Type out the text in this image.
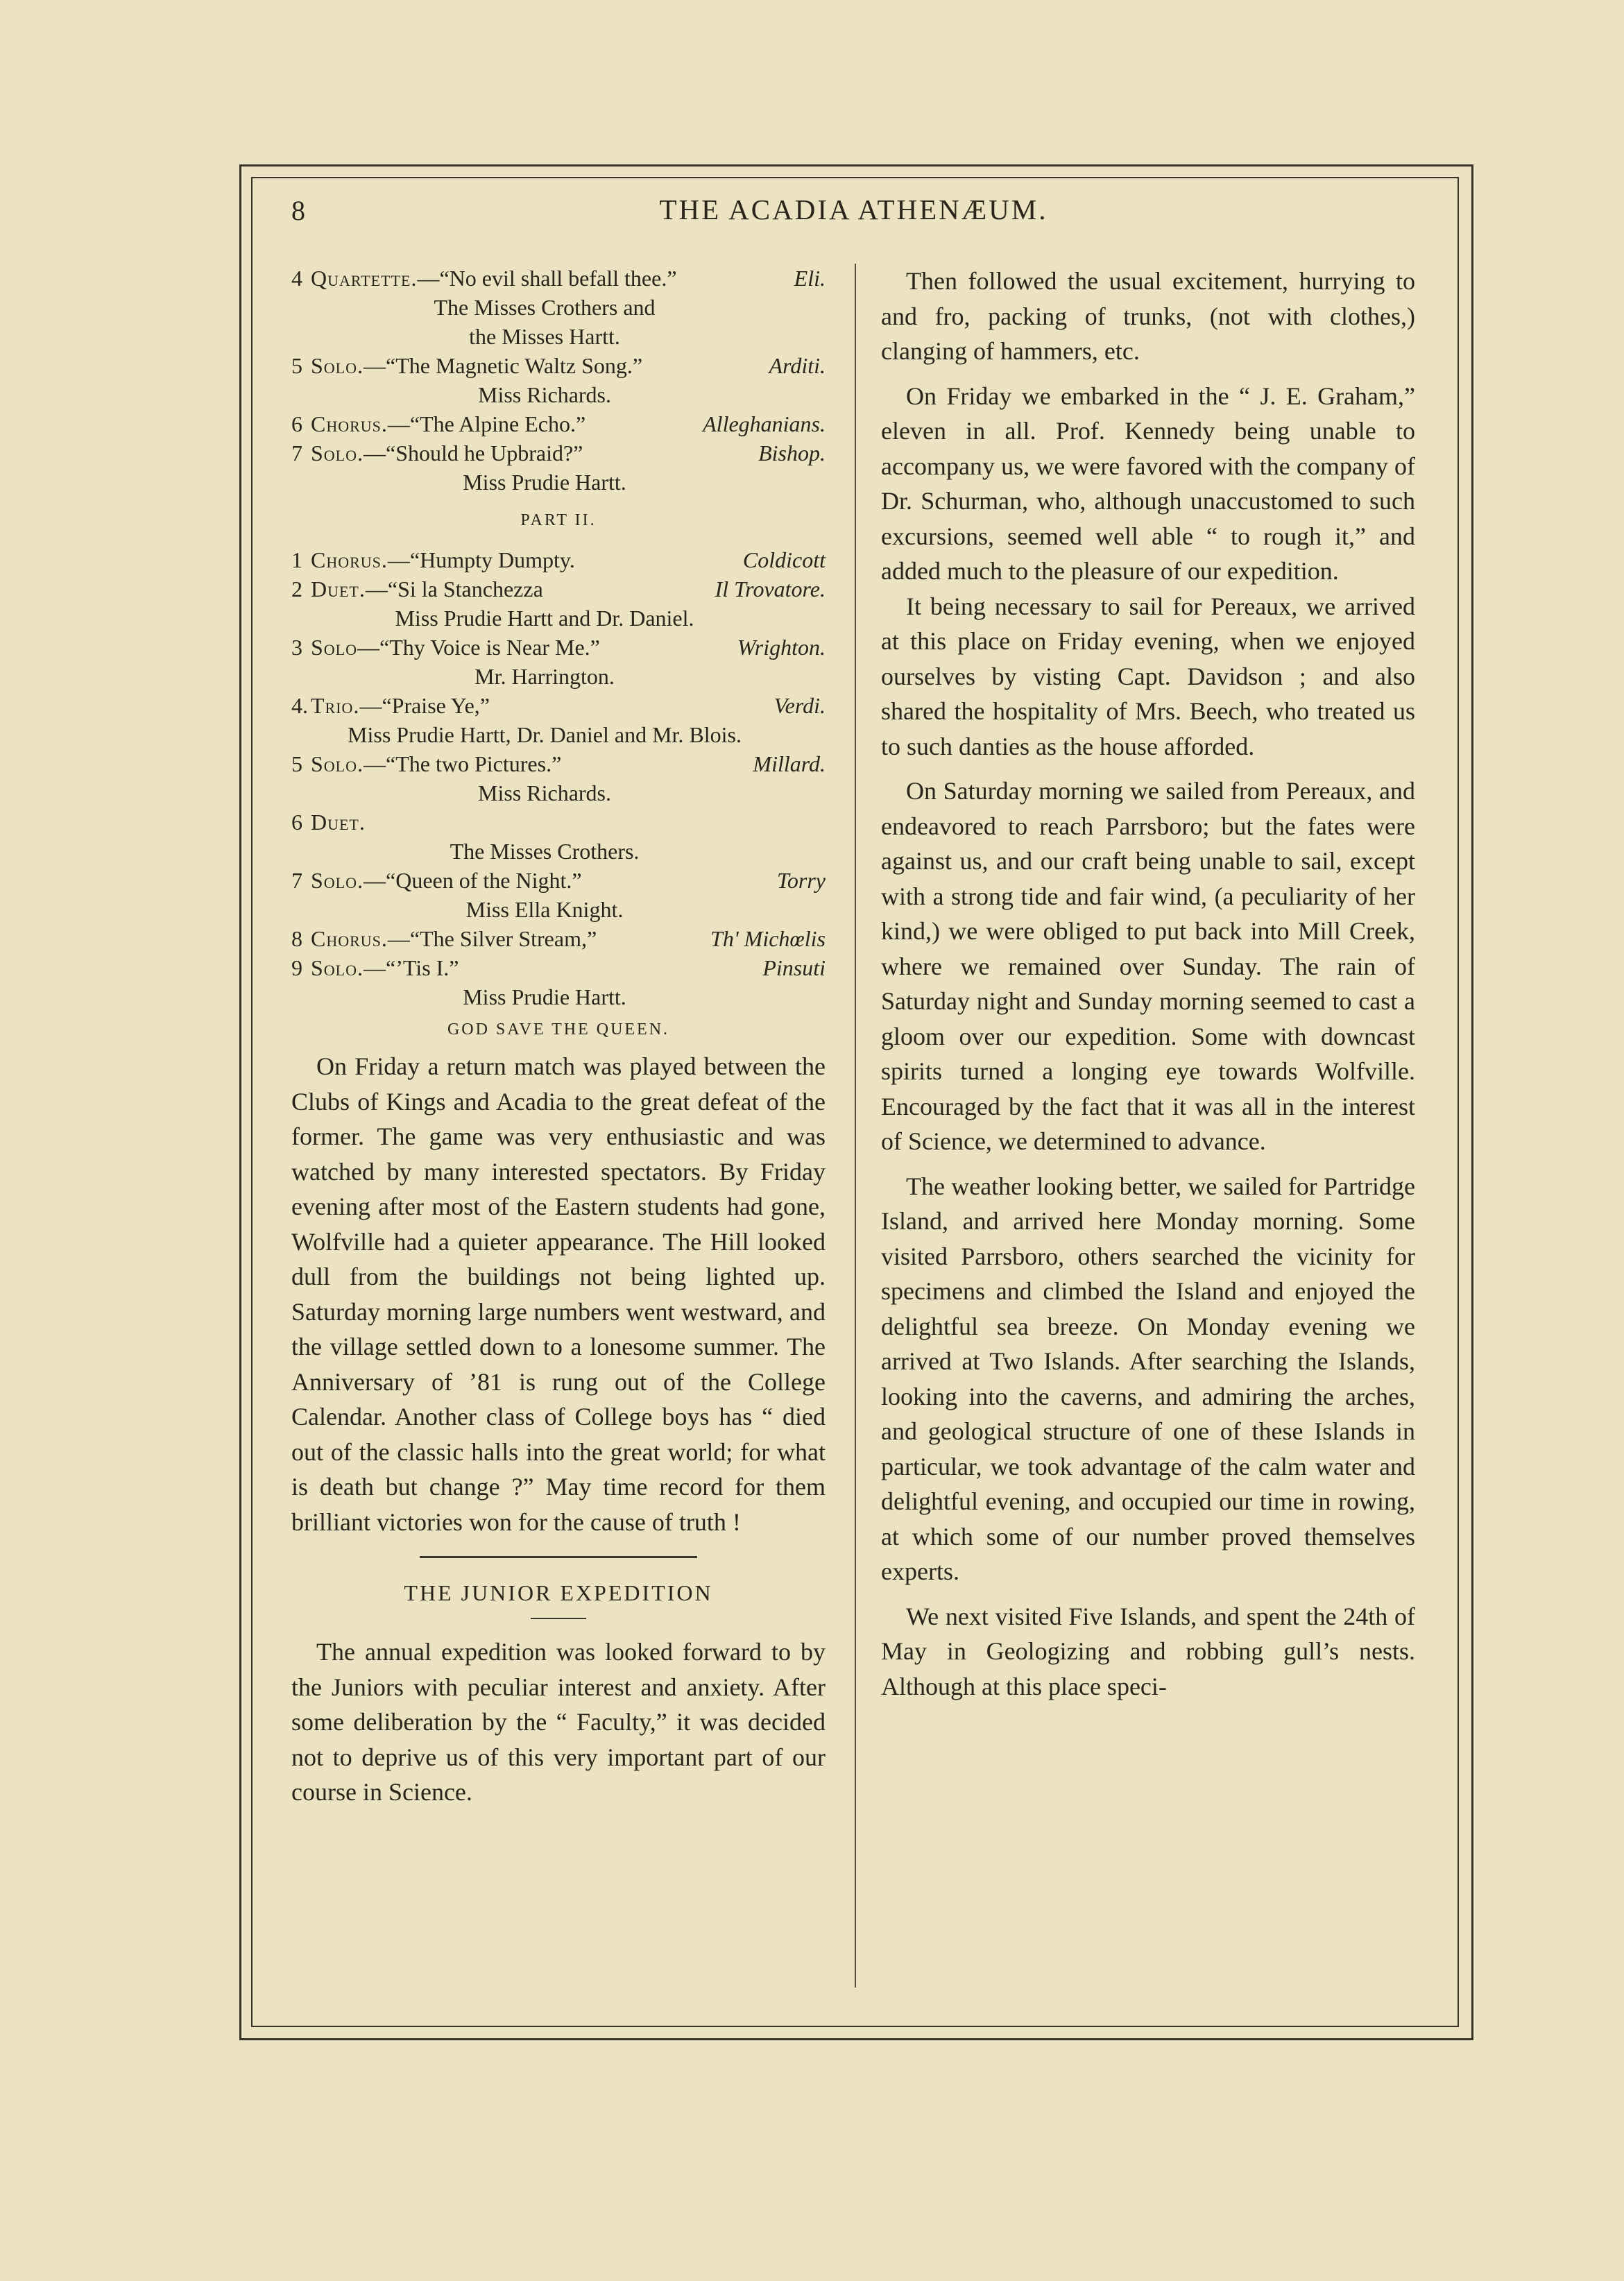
8	THE ACADIA ATHENÆUM.
4 Quartette.—“No evil shall befall thee.”	Eli.
The Misses Crothers and
the Misses Hartt.
5 Solo.—“The Magnetic Waltz Song.”	Arditi.
Miss Richards.
6 Chorus.—“The Alpine Echo.”	Alleghanians.
7 Solo.—“Should he Upbraid?”	Bishop.
Miss Prudie Hartt.
PART II.
1 Chorus.—“Humpty Dumpty.	Coldicott
2 Duet.—“Si la Stanchezza	Il Trovatore.
Miss Prudie Hartt and Dr. Daniel.
3 Solo—“Thy Voice is Near Me.”	Wrighton.
Mr. Harrington.
4. Trio.—“Praise Ye,”	Verdi.
Miss Prudie Hartt, Dr. Daniel and Mr. Blois.
5 Solo.—“The two Pictures.”	Millard.
Miss Richards.
6 Duet.
The Misses Crothers.
7 Solo.—“Queen of the Night.”	Torry
Miss Ella Knight.
8 Chorus.—“The Silver Stream,”	Th' Michœlis
9 Solo.—“’Tis I.”	Pinsuti
Miss Prudie Hartt.
GOD SAVE THE QUEEN.

On Friday a return match was played between the Clubs of Kings and Acadia to the great defeat of the former. The game was very enthusiastic and was watched by many interested spectators. By Friday evening after most of the Eastern students had gone, Wolfville had a quieter appearance. The Hill looked dull from the buildings not being lighted up. Saturday morning large numbers went westward, and the village settled down to a lonesome summer. The Anniversary of ’81 is rung out of the College Calendar. Another class of College boys has “ died out of the classic halls into the great world; for what is death but change ?” May time record for them brilliant victories won for the cause of truth !

THE JUNIOR EXPEDITION

The annual expedition was looked forward to by the Juniors with peculiar interest and anxiety. After some deliberation by the “ Faculty,” it was decided not to deprive us of this very important part of our course in Science.

Then followed the usual excitement, hurrying to and fro, packing of trunks, (not with clothes,) clanging of hammers, etc.

On Friday we embarked in the “ J. E. Graham,” eleven in all. Prof. Kennedy being unable to accompany us, we were favored with the company of Dr. Schurman, who, although unaccustomed to such excursions, seemed well able “ to rough it,” and added much to the pleasure of our expedition.

It being necessary to sail for Pereaux, we arrived at this place on Friday evening, when we enjoyed ourselves by visting Capt. Davidson ; and also shared the hospitality of Mrs. Beech, who treated us to such danties as the house afforded.

On Saturday morning we sailed from Pereaux, and endeavored to reach Parrsboro; but the fates were against us, and our craft being unable to sail, except with a strong tide and fair wind, (a peculiarity of her kind,) we were obliged to put back into Mill Creek, where we remained over Sunday. The rain of Saturday night and Sunday morning seemed to cast a gloom over our expedition. Some with downcast spirits turned a longing eye towards Wolfville. Encouraged by the fact that it was all in the interest of Science, we determined to advance.

The weather looking better, we sailed for Partridge Island, and arrived here Monday morning. Some visited Parrsboro, others searched the vicinity for specimens and climbed the Island and enjoyed the delightful sea breeze. On Monday evening we arrived at Two Islands. After searching the Islands, looking into the caverns, and admiring the arches, and geological structure of one of these Islands in particular, we took advantage of the calm water and delightful evening, and occupied our time in rowing, at which some of our number proved themselves experts.

We next visited Five Islands, and spent the 24th of May in Geologizing and robbing gull’s nests. Although at this place speci-
